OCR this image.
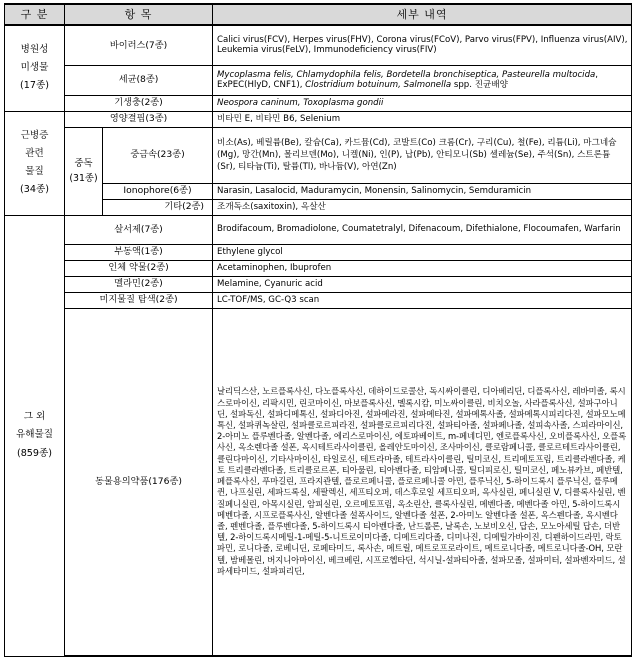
구 분	항 목		세부 내역
병원성
미생물
(17종)	바이러스(7종)		Calici virus(FCV), Herpes virus(FHV), Corona virus(FCoV), Parvo virus(FPV), Influenza virus(AIV), Leukemia virus(FeLV), Immunodeficiency virus(FIV)
	세균(8종)		Mycoplasma felis, Chlamydophila felis, Bordetella bronchiseptica, Pasteurella multocida, ExPEC(HlyD, CNF1), Clostridium botuinum, Salmonella spp. 진균배양
	기생충(2종)		Neospora caninum, Toxoplasma gondii
근병증
관련
물질
(34종)	영양결핍(3종)		비타민 E, 비타민 B6, Selenium
	중독
(31종)	중금속(23종)	비소(As), 베릴륨(Be), 칼슘(Ca), 카드뮴(Cd), 코발트(Co) 크롬(Cr), 구리(Cu), 철(Fe), 리튬(Li), 마그네슘(Mg), 망간(Mn), 몰리브덴(Mo), 니켈(Ni), 인(P), 납(Pb), 안티모니(Sb) 셀레늄(Se), 주석(Sn), 스트론튬(Sr), 티타늄(Ti), 탈륨(Tl), 바나듐(V), 아연(Zn)
		Ionophore(6종)	Narasin, Lasalocid, Maduramycin, Monensin, Salinomycin, Semduramicin
		기타(2종)	조개독소(saxitoxin), 옥살산
그 외
유해물질
(859종)	살서제(7종)		Brodifacoum, Bromadiolone, Coumatetralyl, Difenacoum, Difethialone, Flocoumafen, Warfarin
	부동액(1종)		Ethylene glycol
	인체 약물(2종)		Acetaminophen, Ibuprofen
	멜라민(2종)		Melamine, Cyanuric acid
	미지물질 탐색(2종)		LC-TOF/MS, GC-Q3 scan
	동물용의약품(176종)		날리딕스산, 노르플록사신, 다노플록사신, 데하이드로콜산, 독시싸이클린, 디아베리딘, 디플록사신, 레바미졸, 록시스로마이신, 리팍시민, 린코마이신, 마보플록사신, 멜록시캄, 미노싸이클린, 비치오놀, 사라플록사신, 설파구아니딘, 설파독신, 설파디메톡신, 설파디아진, 설파메라진, 설파메타진, 설파메톡사졸, 설파메톡시피리다진, 설파모노메톡신, 설파퀴녹살린, 설파클로르피라진, 설파클로르피리다진, 설파티아졸, 설파페나졸, 설피속사졸, 스피라마이신, 2-아미노 플루벤다졸, 알벤다졸, 에리스로마이신, 에토파베이트, m-페네디민, 엔로플록사신, 오비플록사신, 오플록사신, 옥소렌다졸 설폰, 옥시테트라사이클린, 올레안도마이신, 조사마이신, 클로람페니콜, 클로르테트라사이클린, 클린다마이신, 기타사마이신, 타일로신, 테트라마졸, 테트라사이클린, 틸미코신, 트리메토프림, 트리클라벤다졸, 케토 트리클라벤다졸, 트리클로르폰, 티아물린, 티아벤다졸, 티암페니콜, 틸디피로신, 틸미코신, 페노뷰카브, 페반텔, 페플록사신, 푸마길린, 프라지콴텔, 플로르페니콜, 플로르페니콜 아민, 플루닉신, 5-하이드록시 플루닉신, 플루메퀸, 나프실린, 세파드록실, 세팔렉신, 세프티오퍼, 데스후로일 세프티오퍼, 옥사실린, 페니실린 V, 디클록사실린, 벤질페니실린, 아목시실린, 암피실린, 오르메토프림, 옥소린산, 클록사실린, 메벤다졸, 메벤다졸 아민, 5-하이드록시 메벤다졸, 시프로플록사신, 알벤다졸 설폭사이드, 알벤다졸 설폰, 2-아미노 알벤다졸 설폰, 옥스펜다졸, 옥시벤다졸, 펜벤다졸, 플루벤다졸, 5-하이드록시 티아벤다졸, 난드롤론, 날록손, 노보비오신, 답손, 모노아세틸 답손, 더반텔, 2-하이드록시메틸-1-메틸-5-니트로이미다졸, 디메트리다졸, 디미나진, 디메틸가바이진, 디펜하이드라민, 락토파민, 로니다졸, 로베니딘, 로페타미드, 록사손, 메트릴, 메트로프로라이트, 메트로니다졸, 메트로니다졸-OH, 모란텔, 밤베몰린, 버지니아마이신, 베크베린, 시프로헵타딘, 석시닐-설파티아졸, 설파모졸, 설파미터, 설파벤자미드, 설파세타미드, 설파피리딘,
